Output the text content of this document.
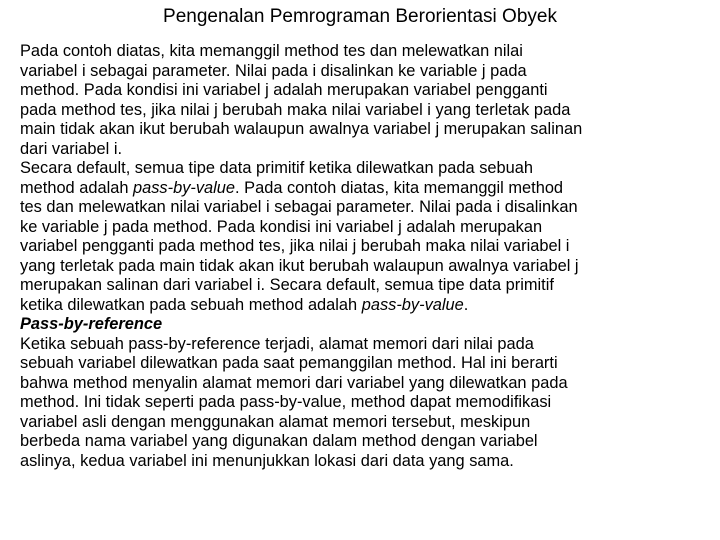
Pengenalan Pemrograman Berorientasi Obyek

Pada contoh diatas, kita memanggil method tes dan melewatkan nilai
variabel i sebagai parameter. Nilai pada i disalinkan ke variable j pada
method. Pada kondisi ini variabel j adalah merupakan variabel pengganti
pada method tes, jika nilai j berubah maka nilai variabel i yang terletak pada
main tidak akan ikut berubah walaupun awalnya variabel j merupakan salinan
dari variabel i.

Secara default, semua tipe data primitif ketika dilewatkan pada sebuah
method adalah pass-by-value. Pada contoh diatas, kita memanggil method
tes dan melewatkan nilai variabel i sebagai parameter. Nilai pada i disalinkan
ke variable j pada method. Pada kondisi ini variabel j adalah merupakan
variabel pengganti pada method tes, jika nilai j berubah maka nilai variabel i
yang terletak pada main tidak akan ikut berubah walaupun awalnya variabel j
merupakan salinan dari variabel i. Secara default, semua tipe data primitif
ketika dilewatkan pada sebuah method adalah pass-by-value.

Pass-by-reference

Ketika sebuah pass-by-reference terjadi, alamat memori dari nilai pada
sebuah variabel dilewatkan pada saat pemanggilan method. Hal ini berarti
bahwa method menyalin alamat memori dari variabel yang dilewatkan pada
method. Ini tidak seperti pada pass-by-value, method dapat memodifikasi
variabel asli dengan menggunakan alamat memori tersebut, meskipun
berbeda nama variabel yang digunakan dalam method dengan variabel
aslinya, kedua variabel ini menunjukkan lokasi dari data yang sama.
